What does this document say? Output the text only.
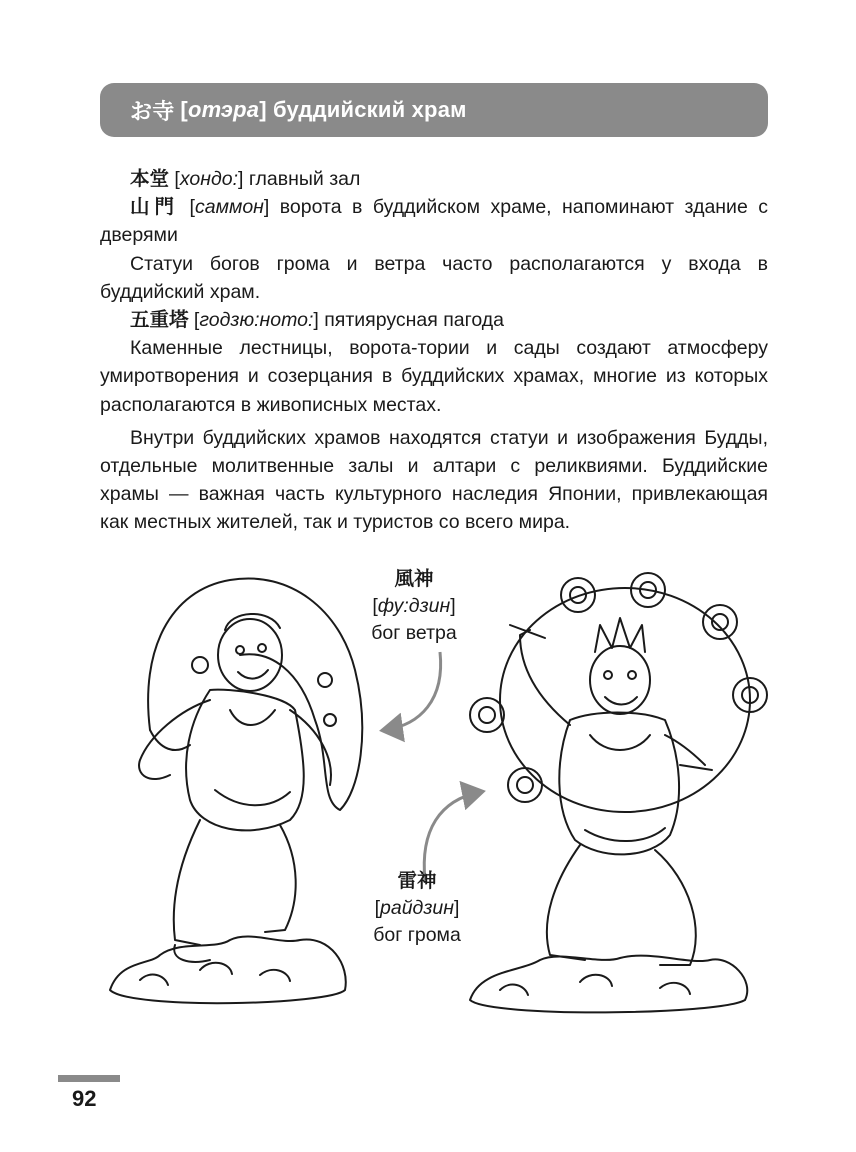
お寺 [ отэра ]
буддийский храм

本堂 [хондо:] главный зал

山門 [саммон] ворота в буддийском храме, напоминают здание с дверями

Статуи богов грома и ветра часто располагаются у входа в буддийский храм.

五重塔 [годзю:ното:] пятиярусная пагода

Каменные лестницы, ворота-тории и сады создают атмосферу умиротворения и созерцания в буддийских храмах, многие из которых располагаются в живописных местах.

Внутри буддийских храмов находятся статуи и изображения Будды, отдельные молитвенные залы и алтари с реликвиями. Буддийские храмы — важная часть культурного наследия Японии, привлекающая как местных жителей, так и туристов со всего мира.

風神
[фу:дзин]
бог ветра
雷神
[райдзин]
бог грома
92
